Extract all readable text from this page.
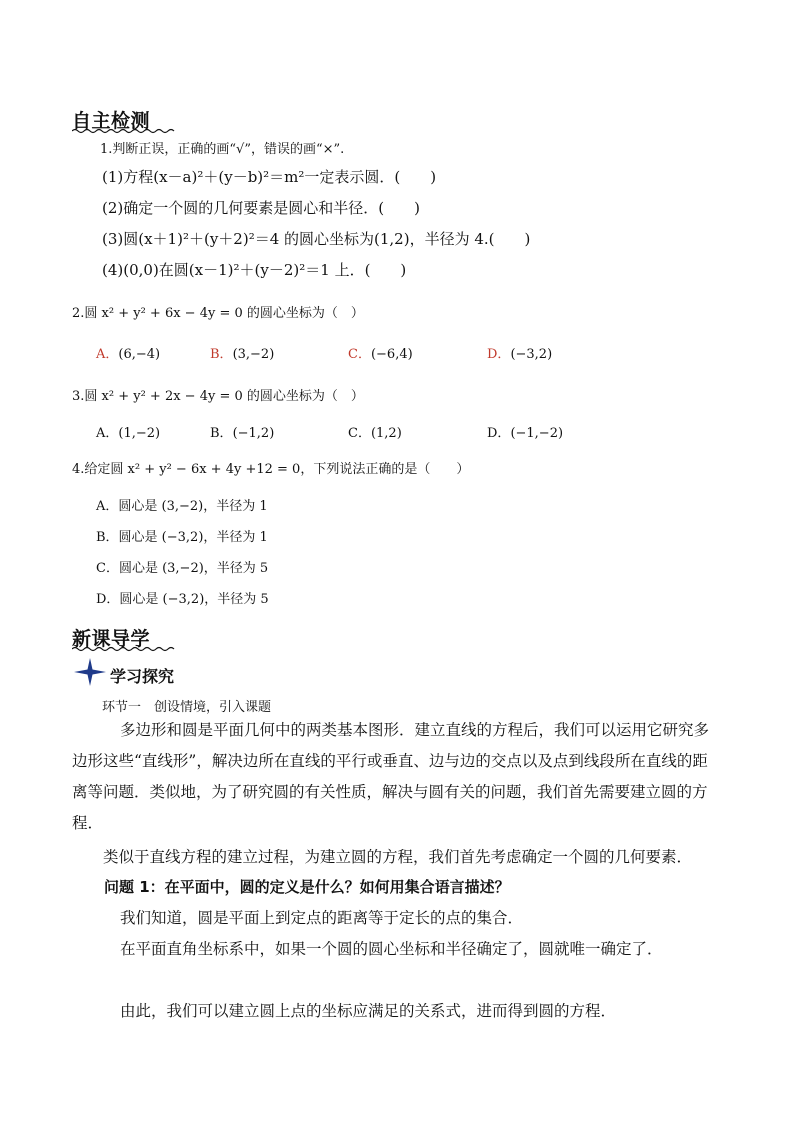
自主检测
1.判断正误，正确的画“√”，错误的画“×”.
(1)方程(x－a)²＋(y－b)²＝m²一定表示圆．(　　)
(2)确定一个圆的几何要素是圆心和半径．(　　)
(3)圆(x＋1)²＋(y＋2)²＝4 的圆心坐标为(1,2)，半径为 4.(　　)
(4)(0,0)在圆(x－1)²＋(y－2)²＝1 上．(　　)
2.圆 x² + y² + 6x − 4y = 0 的圆心坐标为（　）
A．(6,−4)	B．(3,−2)	C．(−6,4)	D．(−3,2)
3.圆 x² + y² + 2x − 4y = 0 的圆心坐标为（　）
A．(1,−2)	B．(−1,2)	C．(1,2)	D．(−1,−2)
4.给定圆 x² + y² − 6x + 4y +12 = 0，下列说法正确的是（　　）
A．圆心是 (3,−2)，半径为 1
B．圆心是 (−3,2)，半径为 1
C．圆心是 (3,−2)，半径为 5
D．圆心是 (−3,2)，半径为 5
新课导学
学习探究
环节一　创设情境，引入课题
多边形和圆是平面几何中的两类基本图形．建立直线的方程后，我们可以运用它研究多
边形这些“直线形”，解决边所在直线的平行或垂直、边与边的交点以及点到线段所在直线的距
离等问题．类似地，为了研究圆的有关性质，解决与圆有关的问题，我们首先需要建立圆的方
程．
类似于直线方程的建立过程，为建立圆的方程，我们首先考虑确定一个圆的几何要素．
问题 1：在平面中，圆的定义是什么？如何用集合语言描述？
我们知道，圆是平面上到定点的距离等于定长的点的集合．
在平面直角坐标系中，如果一个圆的圆心坐标和半径确定了，圆就唯一确定了．
由此，我们可以建立圆上点的坐标应满足的关系式，进而得到圆的方程．
